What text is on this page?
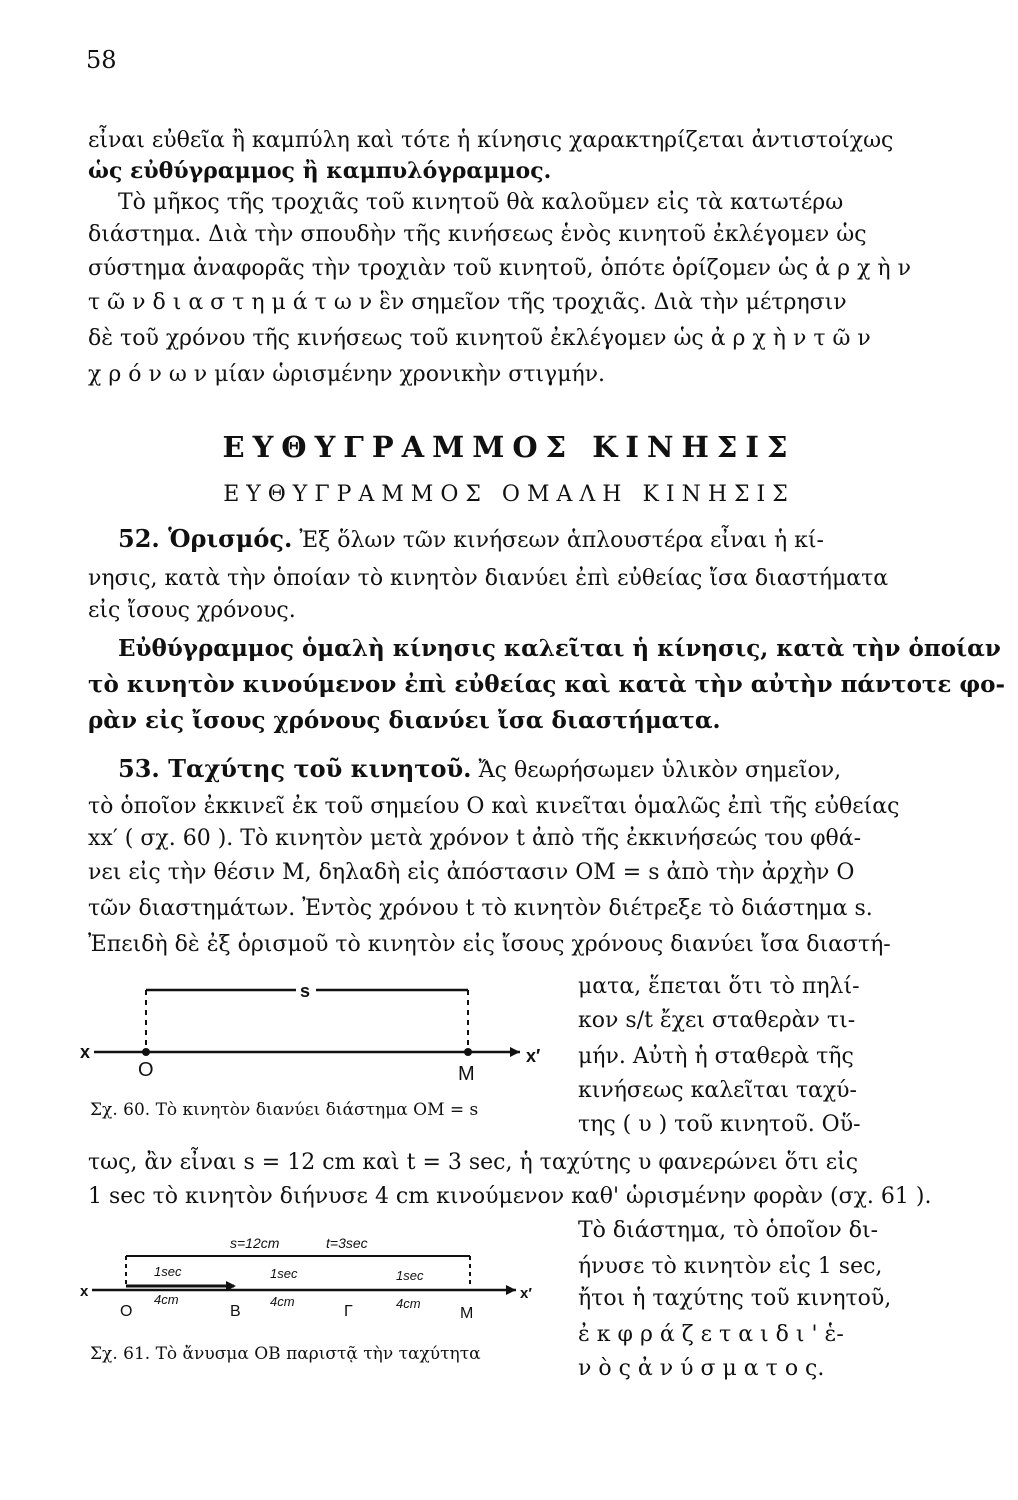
58
εἶναι εὐθεῖα ἢ καμπύλη καὶ τότε ἡ κίνησις χαρακτηρίζεται ἀντιστοίχως
ὡς εὐθύγραμμος ἢ καμπυλόγραμμος.
Τὸ μῆκος τῆς τροχιᾶς τοῦ κινητοῦ θὰ καλοῦμεν εἰς τὰ κατωτέρω
διάστημα. Διὰ τὴν σπουδὴν τῆς κινήσεως ἑνὸς κινητοῦ ἐκλέγομεν ὡς
σύστημα ἀναφορᾶς τὴν τροχιὰν τοῦ κινητοῦ, ὁπότε ὁρίζομεν ὡς ἀ ρ χ ὴ ν
τ ῶ ν δ ι α σ τ η μ ά τ ω ν ἓν σημεῖον τῆς τροχιᾶς. Διὰ τὴν μέτρησιν
δὲ τοῦ χρόνου τῆς κινήσεως τοῦ κινητοῦ ἐκλέγομεν ὡς ἀ ρ χ ὴ ν τ ῶ ν
χ ρ ό ν ω ν μίαν ὡρισμένην χρονικὴν στιγμήν.
ΕΥΘΥΓΡΑΜΜΟΣ ΚΙΝΗΣΙΣ
ΕΥΘΥΓΡΑΜΜΟΣ ΟΜΑΛΗ ΚΙΝΗΣΙΣ
52. Ὁρισμός. Ἐξ ὅλων τῶν κινήσεων ἁπλουστέρα εἶναι ἡ κί-
νησις, κατὰ τὴν ὁποίαν τὸ κινητὸν διανύει ἐπὶ εὐθείας ἴσα διαστήματα
εἰς ἴσους χρόνους.
Εὐθύγραμμος ὁμαλὴ κίνησις καλεῖται ἡ κίνησις, κατὰ τὴν ὁποίαν
τὸ κινητὸν κινούμενον ἐπὶ εὐθείας καὶ κατὰ τὴν αὐτὴν πάντοτε φο-
ρὰν εἰς ἴσους χρόνους διανύει ἴσα διαστήματα.
53. Ταχύτης τοῦ κινητοῦ. Ἄς θεωρήσωμεν ὑλικὸν σημεῖον,
τὸ ὁποῖον ἐκκινεῖ ἐκ τοῦ σημείου Ο καὶ κινεῖται ὁμαλῶς ἐπὶ τῆς εὐθείας
xx′ ( σχ. 60 ). Τὸ κινητὸν μετὰ χρόνον t ἀπὸ τῆς ἐκκινήσεώς του φθά-
νει εἰς τὴν θέσιν Μ, δηλαδὴ εἰς ἀπόστασιν ΟΜ = s ἀπὸ τὴν ἀρχὴν Ο
τῶν διαστημάτων. Ἐντὸς χρόνου t τὸ κινητὸν διέτρεξε τὸ διάστημα s.
Ἐπειδὴ δὲ ἐξ ὁρισμοῦ τὸ κινητὸν εἰς ἴσους χρόνους διανύει ἴσα διαστή-
ματα, ἕπεται ὅτι τὸ πηλί-
κον s/t ἔχει σταθερὰν τι-
μήν. Αὐτὴ ἡ σταθερὰ τῆς
κινήσεως καλεῖται ταχύ-
s
x	x′
Ο	Μ
Σχ. 60. Τὸ κινητὸν διανύει διάστημα ΟΜ = s
της ( υ ) τοῦ κινητοῦ. Οὕ-
τως, ἂν εἶναι s = 12 cm καὶ t = 3 sec, ἡ ταχύτης υ φανερώνει ὅτι εἰς
1 sec τὸ κινητὸν διήνυσε 4 cm κινούμενον καθ' ὡρισμένην φορὰν (σχ. 61 ).
Τὸ διάστημα, τὸ ὁποῖον δι-
ήνυσε τὸ κινητὸν εἰς 1 sec,
ἤτοι ἡ ταχύτης τοῦ κινητοῦ,
ἐ κ φ ρ ά ζ ε τ α ι δ ι ' ἑ-
ν ὸ ς ἀ ν ύ σ μ α τ ο ς.
s=12cm	t=3sec
1sec	1sec	1sec
4cm	4cm	4cm
x	x′
Ο	Β	Γ	Μ
Σχ. 61. Τὸ ἄνυσμα ΟΒ παριστᾷ τὴν ταχύτητα
